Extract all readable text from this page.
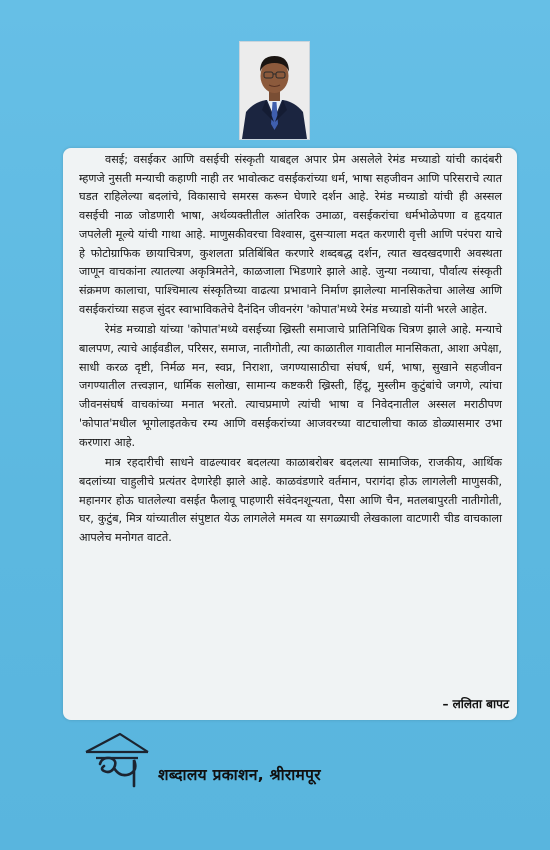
वसई; वसईकर आणि वसईची संस्कृती याबद्दल अपार प्रेम असलेले रेमंड मच्याडो यांची कादंबरी म्हणजे नुसती मन्याची कहाणी नाही तर भावोत्कट वसईकरांच्या धर्म, भाषा सहजीवन आणि परिसराचे त्यात घडत राहिलेल्या बदलांचे, विकासाचे समरस करून घेणारे दर्शन आहे. रेमंड मच्याडो यांची ही अस्सल वसईची नाळ जोडणारी भाषा, अर्थव्यक्तीतील आंतरिक उमाळा, वसईकरांचा धर्मभोळेपणा व हृदयात जपलेली मूल्ये यांची गाथा आहे. माणुसकीवरचा विश्वास, दुसऱ्याला मदत करणारी वृत्ती आणि परंपरा याचे हे फोटोग्राफिक छायाचित्रण, कुशलता प्रतिबिंबित करणारे शब्दबद्ध दर्शन, त्यात खदखदणारी अवस्थता जाणून वाचकांना त्यातल्या अकृत्रिमतेने, काळजाला भिडणारे झाले आहे. जुन्या नव्याचा, पौर्वात्य संस्कृती संक्रमण कालाचा, पाश्चिमात्य संस्कृतिच्या वाढत्या प्रभावाने निर्माण झालेल्या मानसिकतेचा आलेख आणि वसईकरांच्या सहज सुंदर स्वाभाविकतेचे दैनंदिन जीवनरंग 'कोपात'मध्ये रेमंड मच्याडो यांनी भरले आहेत.

रेमंड मच्याडो यांच्या 'कोपात'मध्ये वसईच्या ख्रिस्ती समाजाचे प्रातिनिधिक चित्रण झाले आहे. मन्याचे बालपण, त्याचे आईवडील, परिसर, समाज, नातीगोती, त्या काळातील गावातील मानसिकता, आशा अपेक्षा, साधी करळ दृष्टी, निर्मळ मन, स्वप्न, निराशा, जगण्यासाठीचा संघर्ष, धर्म, भाषा, सुखाने सहजीवन जगण्यातील तत्त्वज्ञान, धार्मिक सलोखा, सामान्य कष्टकरी ख्रिस्ती, हिंदू, मुस्लीम कुटुंबांचे जगणे, त्यांचा जीवनसंघर्ष वाचकांच्या मनात भरतो. त्याचप्रमाणे त्यांची भाषा व निवेदनातील अस्सल मराठीपण 'कोपात'मधील भूगोलाइतकेच रम्य आणि वसईकरांच्या आजवरच्या वाटचालीचा काळ डोळ्यासमार उभा करणारा आहे.

मात्र रहदारीची साधने वाढल्यावर बदलत्या काळाबरोबर बदलत्या सामाजिक, राजकीय, आर्थिक बदलांच्या चाहुलीचे प्रत्यंतर देणारेही झाले आहे. काळवंडणारे वर्तमान, परागंदा होऊ लागलेली माणुसकी, महानगर होऊ घातलेल्या वसईत फैलावू पाहणारी संवेदनशून्यता, पैसा आणि चैन, मतलबापुरती नातीगोती, घर, कुटुंब, मित्र यांच्यातील संपुष्टात येऊ लागलेले ममत्व या सगळ्याची लेखकाला वाटणारी चीड वाचकाला आपलेच मनोगत वाटते.

– ललिता बापट
शब्दालय प्रकाशन, श्रीरामपूर
